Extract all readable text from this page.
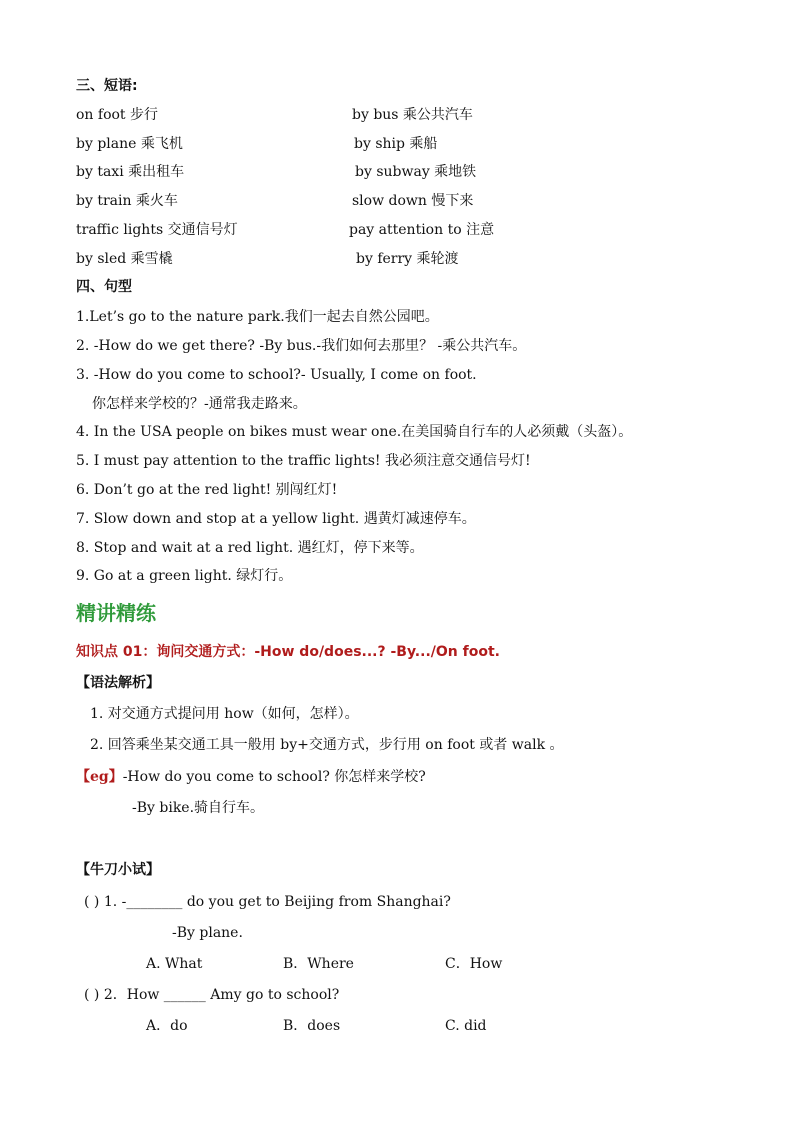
三、短语:
on foot 步行	by bus 乘公共汽车
by plane 乘飞机	by ship 乘船
by taxi 乘出租车	by subway 乘地铁
by train 乘火车	slow down 慢下来
traffic lights 交通信号灯	pay attention to 注意
by sled 乘雪橇	by ferry 乘轮渡
四、句型
1.Let’s go to the nature park.我们一起去自然公园吧。
2. -How do we get there? -By bus.-我们如何去那里？ -乘公共汽车。
3. -How do you come to school?- Usually, I come on foot.
你怎样来学校的？-通常我走路来。
4. In the USA people on bikes must wear one.在美国骑自行车的人必须戴（头盔）。
5. I must pay attention to the traffic lights! 我必须注意交通信号灯!
6. Don’t go at the red light! 别闯红灯!
7. Slow down and stop at a yellow light. 遇黄灯减速停车。
8. Stop and wait at a red light. 遇红灯，停下来等。
9. Go at a green light. 绿灯行。
精讲精练
知识点 01：询问交通方式：-How do/does...? -By.../On foot.
【语法解析】
1. 对交通方式提问用 how（如何，怎样）。
2. 回答乘坐某交通工具一般用 by+交通方式，步行用 on foot 或者 walk 。
【eg】-How do you come to school? 你怎样来学校?
-By bike.骑自行车。
【牛刀小试】
( ) 1. -________ do you get to Beijing from Shanghai?
-By plane.
A. What	B．Where	C．How
( ) 2．How ______ Amy go to school?
A．do	B．does	C. did
